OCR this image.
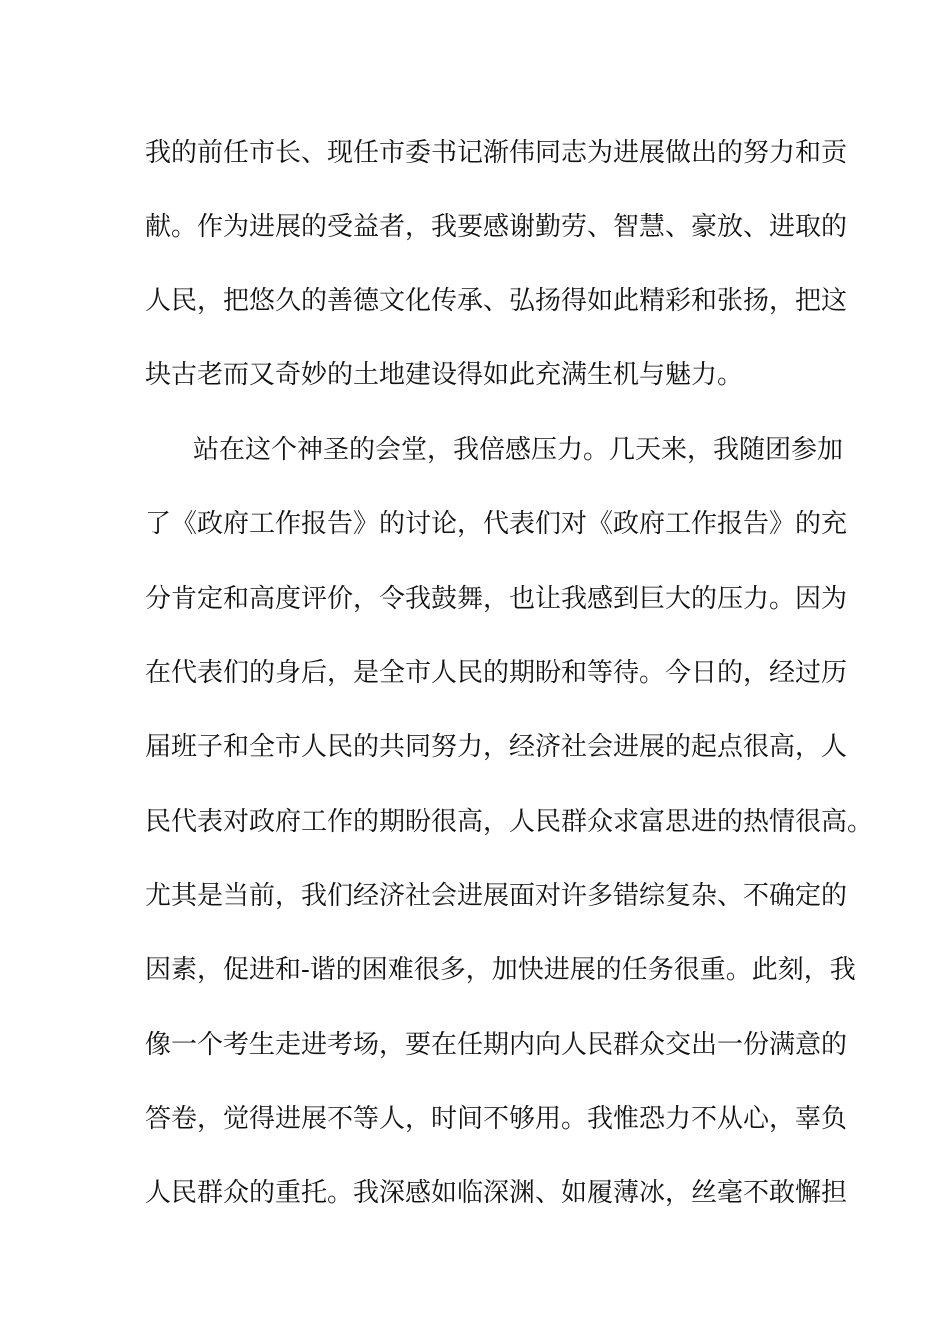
我的前任市长、现任市委书记渐伟同志为进展做出的努力和贡
献。作为进展的受益者，我要感谢勤劳、智慧、豪放、进取的
人民，把悠久的善德文化传承、弘扬得如此精彩和张扬，把这
块古老而又奇妙的土地建设得如此充满生机与魅力。
站在这个神圣的会堂，我倍感压力。几天来，我随团参加
了《政府工作报告》的讨论，代表们对《政府工作报告》的充
分肯定和高度评价，令我鼓舞，也让我感到巨大的压力。因为
在代表们的身后，是全市人民的期盼和等待。今日的，经过历
届班子和全市人民的共同努力，经济社会进展的起点很高，人
民代表对政府工作的期盼很高，人民群众求富思进的热情很高。
尤其是当前，我们经济社会进展面对许多错综复杂、不确定的
因素，促进和-谐的困难很多，加快进展的任务很重。此刻，我
像一个考生走进考场，要在任期内向人民群众交出一份满意的
答卷，觉得进展不等人，时间不够用。我惟恐力不从心，辜负
人民群众的重托。我深感如临深渊、如履薄冰，丝毫不敢懈担
